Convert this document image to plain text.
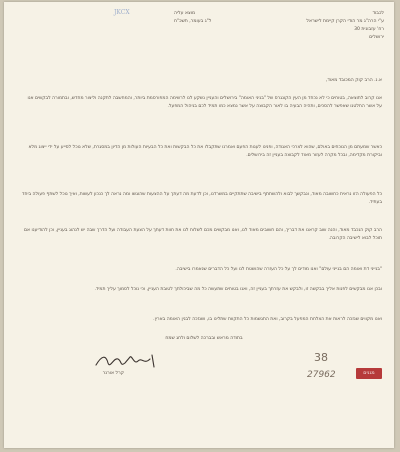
מוצא עליה
ל"ג בעומר, תשכ"ח
JKCX	לכבוד
ע"י הרה"ג מר הודי הקרן קיימת לישראל
רח' עזבונית 30
ירושלים
א.נ. הרב קוק המכובד מאוד,
אנו קרוב לתוצאה, בטוחים כי לא נכחד מן העין הקונגרס של "בניני האומה" בירושלים והעניין נשקע לנו לרשימה המפורסמת ביותר, והמחשבה לתקנה וליצור מחדש, ובתמורה לבקשים אנו על אשר החלטנו שאפשר להסכים, ותהיה הבעיה בו לאור הקבוצה על אשר נמצא כמו תמיד לכם בניהול המפעל.
כאשר שמעתם מן הנוכחים באולם, שהוא לצרכי האגודה, ופנינו לענות הפעם ואמרנו שתקבלו את כל הבקשות ואת כל הבעיות העולות מן הדיון במסגרת, שלא נוכל לסייע על ידי ייצוג מלא וביקורת מקדימה, ובכל מקרה לעזור מאוד לקבוצה בעניין זה בירושלים.
כל הפעולה הזו נראית כחשובה מאוד, ונבקשך לבוא ולהשתתף בישיבה שתתקיים במשרדנו, וכן לדעת מה דעתך על ההצעות שהוגשו ומה נראה לך כנכון לעשות, ואיך נוכל לשתף פעולה ביחד בעתיד.
הרב קוק הנכבד מאוד, והנה שוב קראנו את דבריך, והם חשובים מאוד לנו, ואנו מבקשים מכם לשלוח לנו את חוות דעתך על הצעת העבודה ועל הדרך שבה יש לנהוג בעניין, וכן להודיענו אם תוכל לבוא לישיבה הקרובה.
"בנייני דת ואומה הם בנייני עולם" ואנו מודים לך על כל העזרה שהושטת לנו ועל כל הדברים שנאמרו בישיבה.
ובכן אנו מבקשים לפנות אליך בבקשה זו, ולבקש את עזרתך בעניין זה, ואנו בטוחים שתעשה כל מה שביכולתך לטובת העניין, וכי נוכל לסמוך עליך תמיד.
ואנו מקווים שנזכה לראות את הצלחת המפעל בקרוב, ואת התגשמות כל התקוות שתלינו בו, ושנזכה לבנין האומה בארץ.
בתודה מראש ובברכה לשלום ולחג שמח
קרל אורנר
38
27962	מגנים
